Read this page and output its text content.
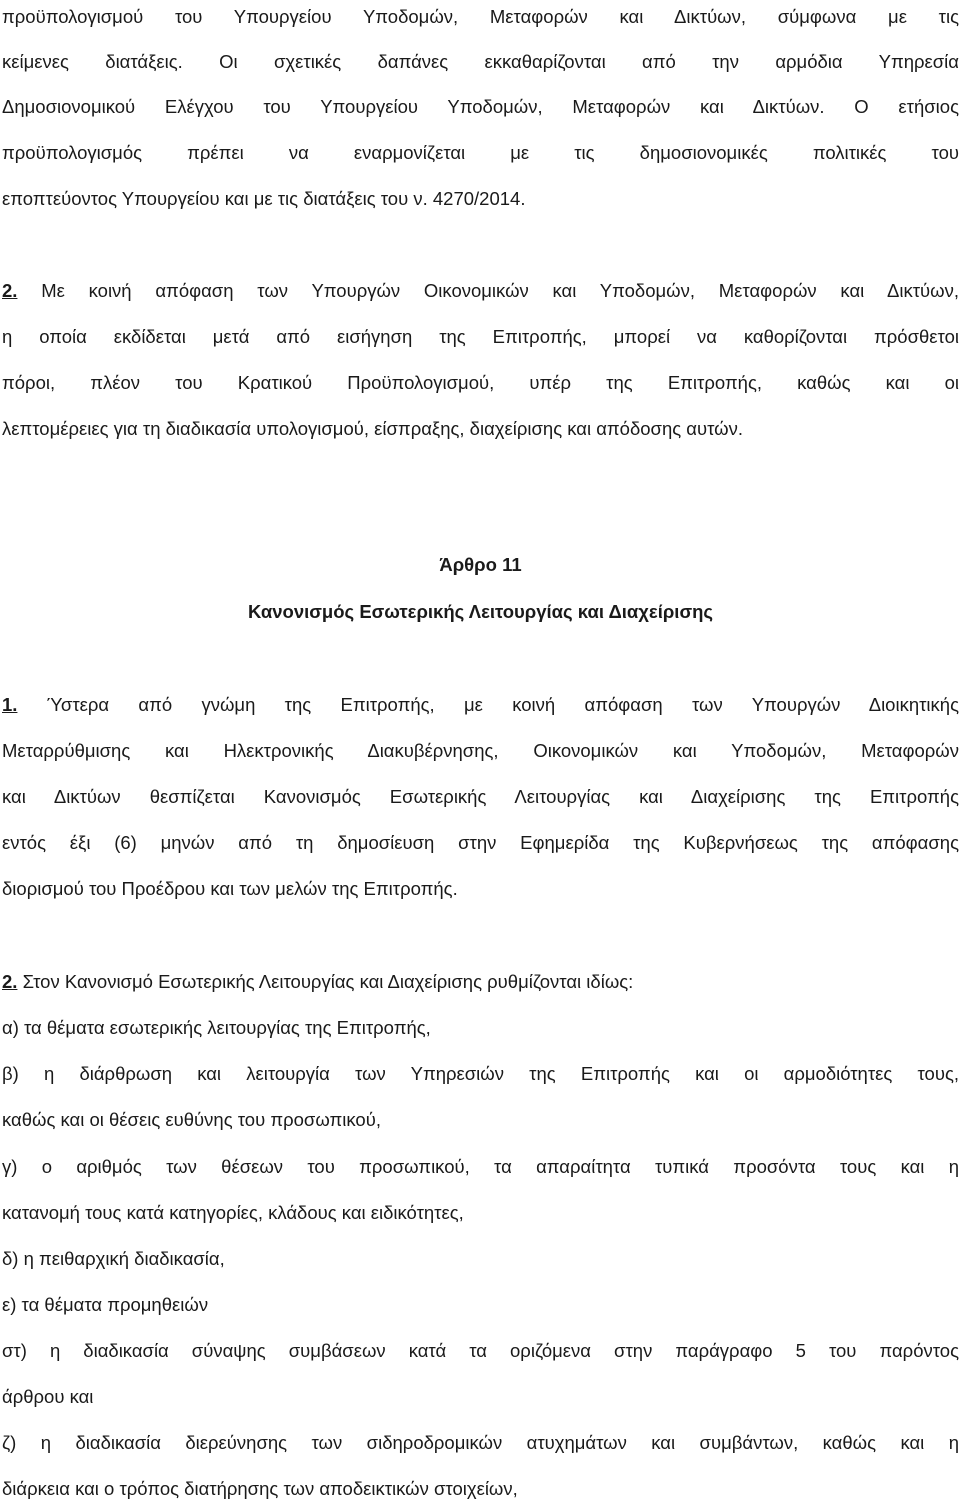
προϋπολογισμού του Υπουργείου Υποδομών, Μεταφορών και Δικτύων, σύμφωνα με τις
κείμενες διατάξεις. Οι σχετικές δαπάνες εκκαθαρίζονται από την αρμόδια Υπηρεσία
Δημοσιονομικού Ελέγχου του Υπουργείου Υποδομών, Μεταφορών και Δικτύων. Ο ετήσιος
προϋπολογισμός πρέπει να εναρμονίζεται με τις δημοσιονομικές πολιτικές του
εποπτεύοντος Υπουργείου και με τις διατάξεις του ν. 4270/2014.
2. Με κοινή απόφαση των Υπουργών Οικονομικών και Υποδομών, Μεταφορών και Δικτύων,
η οποία εκδίδεται μετά από εισήγηση της Επιτροπής, μπορεί να καθορίζονται πρόσθετοι
πόροι, πλέον του Κρατικού Προϋπολογισμού, υπέρ της Επιτροπής, καθώς και οι
λεπτομέρειες για τη διαδικασία υπολογισμού, είσπραξης, διαχείρισης και απόδοσης αυτών.
Άρθρο 11
Κανονισμός Εσωτερικής Λειτουργίας και Διαχείρισης
1. Ύστερα από γνώμη της Επιτροπής, με κοινή απόφαση των Υπουργών Διοικητικής
Μεταρρύθμισης και Ηλεκτρονικής Διακυβέρνησης, Οικονομικών και Υποδομών, Μεταφορών
και Δικτύων θεσπίζεται Κανονισμός Εσωτερικής Λειτουργίας και Διαχείρισης της Επιτροπής
εντός έξι (6) μηνών από τη δημοσίευση στην Εφημερίδα της Κυβερνήσεως της απόφασης
διορισμού του Προέδρου και των μελών της Επιτροπής.
2. Στον Κανονισμό Εσωτερικής Λειτουργίας και Διαχείρισης ρυθμίζονται ιδίως:
α) τα θέματα εσωτερικής λειτουργίας της Επιτροπής,
β) η διάρθρωση και λειτουργία των Υπηρεσιών της Επιτροπής και οι αρμοδιότητες τους,
καθώς και οι θέσεις ευθύνης του προσωπικού,
γ) ο αριθμός των θέσεων του προσωπικού, τα απαραίτητα τυπικά προσόντα τους και η
κατανομή τους κατά κατηγορίες, κλάδους και ειδικότητες,
δ) η πειθαρχική διαδικασία,
ε) τα θέματα προμηθειών
στ) η διαδικασία σύναψης συμβάσεων κατά τα οριζόμενα στην παράγραφο 5 του παρόντος
άρθρου και
ζ) η διαδικασία διερεύνησης των σιδηροδρομικών ατυχημάτων και συμβάντων, καθώς και η
διάρκεια και ο τρόπος διατήρησης των αποδεικτικών στοιχείων,
